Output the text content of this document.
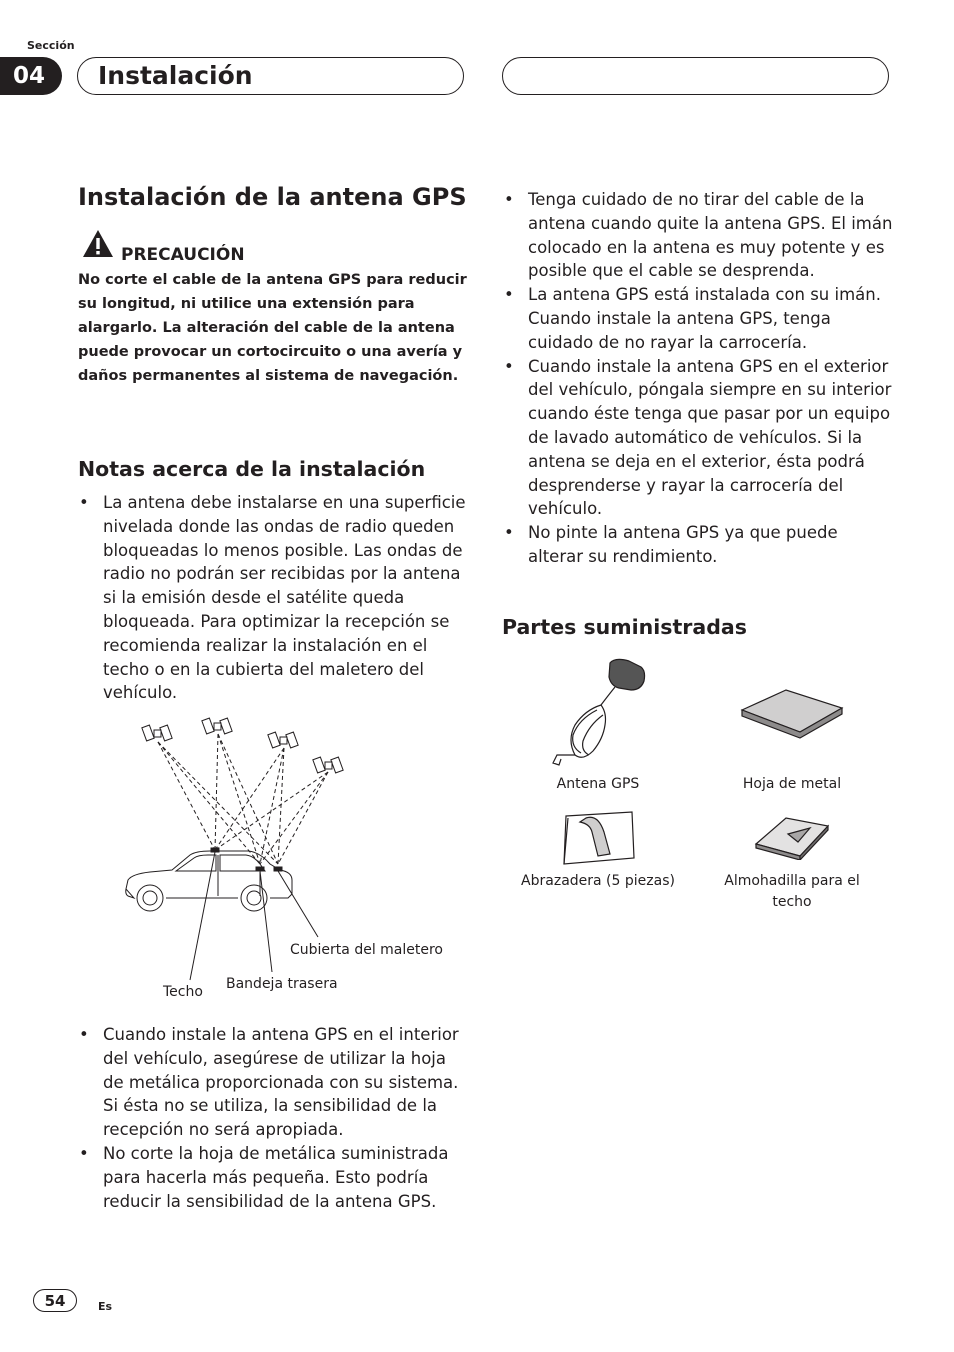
Sección
04	Instalación
Instalación de la antena GPS
PRECAUCIÓN

No corte el cable de la antena GPS para reducir su longitud, ni utilice una extensión para alargarlo. La alteración del cable de la antena puede provocar un cortocircuito o una avería y daños permanentes al sistema de navegación.

Notas acerca de la instalación
• La antena debe instalarse en una superficie nivelada donde las ondas de radio queden bloqueadas lo menos posible. Las ondas de radio no podrán ser recibidas por la antena si la emisión desde el satélite queda bloqueada. Para optimizar la recepción se recomienda realizar la instalación en el techo o en la cubierta del maletero del vehículo.
Cubierta del maletero
Bandeja trasera
Techo
• Cuando instale la antena GPS en el interior del vehículo, asegúrese de utilizar la hoja de metálica proporcionada con su sistema. Si ésta no se utiliza, la sensibilidad de la recepción no será apropiada.
• No corte la hoja de metálica suministrada para hacerla más pequeña. Esto podría reducir la sensibilidad de la antena GPS.
• Tenga cuidado de no tirar del cable de la antena cuando quite la antena GPS. El imán colocado en la antena es muy potente y es posible que el cable se desprenda.
• La antena GPS está instalada con su imán. Cuando instale la antena GPS, tenga cuidado de no rayar la carrocería.
• Cuando instale la antena GPS en el exterior del vehículo, póngala siempre en su interior cuando éste tenga que pasar por un equipo de lavado automático de vehículos. Si la antena se deja en el exterior, ésta podrá desprenderse y rayar la carrocería del vehículo.
• No pinte la antena GPS ya que puede alterar su rendimiento.
Partes suministradas
Antena GPS	Hoja de metal
Abrazadera (5 piezas)	Almohadilla para el techo
54	Es
